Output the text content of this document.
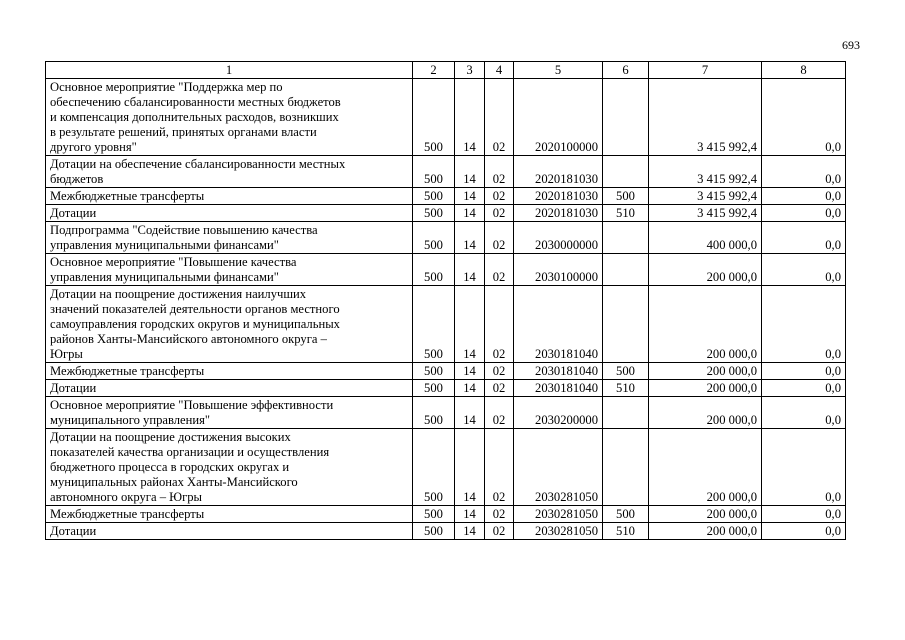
693
1	2	3	4	5	6	7	8
Основное мероприятие "Поддержка мер по
обеспечению сбалансированности местных бюджетов
и компенсация дополнительных расходов, возникших
в результате решений, принятых органами власти
другого уровня"	500	14	02	2020100000		3 415 992,4	0,0
Дотации на обеспечение сбалансированности местных
бюджетов	500	14	02	2020181030		3 415 992,4	0,0
Межбюджетные трансферты	500	14	02	2020181030	500	3 415 992,4	0,0
Дотации	500	14	02	2020181030	510	3 415 992,4	0,0
Подпрограмма "Содействие повышению качества
управления муниципальными финансами"	500	14	02	2030000000		400 000,0	0,0
Основное мероприятие "Повышение качества
управления муниципальными финансами"	500	14	02	2030100000		200 000,0	0,0
Дотации на поощрение достижения наилучших
значений показателей деятельности органов местного
самоуправления городских округов и муниципальных
районов Ханты-Мансийского автономного округа –
Югры	500	14	02	2030181040		200 000,0	0,0
Межбюджетные трансферты	500	14	02	2030181040	500	200 000,0	0,0
Дотации	500	14	02	2030181040	510	200 000,0	0,0
Основное мероприятие "Повышение эффективности
муниципального управления"	500	14	02	2030200000		200 000,0	0,0
Дотации на поощрение достижения высоких
показателей качества организации и осуществления
бюджетного процесса в городских округах и
муниципальных районах Ханты-Мансийского
автономного округа – Югры	500	14	02	2030281050		200 000,0	0,0
Межбюджетные трансферты	500	14	02	2030281050	500	200 000,0	0,0
Дотации	500	14	02	2030281050	510	200 000,0	0,0
